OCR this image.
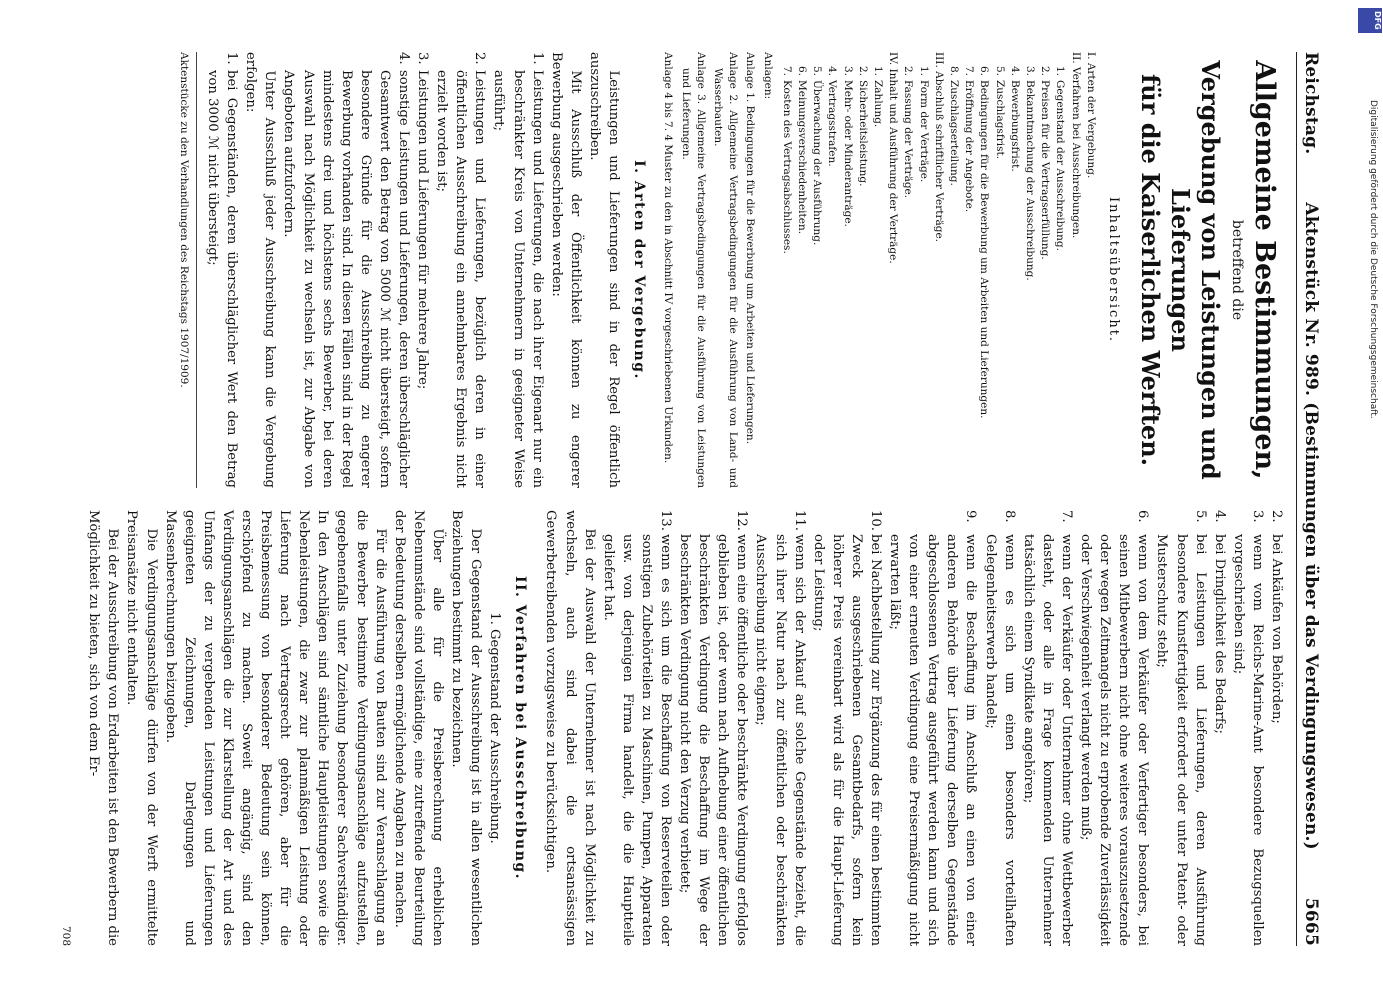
Reichstag.
Aktenstück Nr. 989. (Bestimmungen über das Verdingungswesen.)
5665
Allgemeine Bestimmungen,
betreffend die
Vergebung von Leistungen und Lieferungen
für die Kaiserlichen Werften.
Inhaltsübersicht.
I. Arten der Vergebung.
II. Verfahren bei Ausschreibungen.
1.Gegenstand der Ausschreibung.
2.Preisen für die Vertragserfüllung.
3.Bekanntmachung der Ausschreibung.
4.Bewerbungsfrist.
5.Zuschlagsfrist.
6.Bedingungen für die Bewerbung um Arbeiten und Lieferungen.
7.Eröffnung der Angebote.
8.Zuschlagserteilung.
III. Abschluß schriftlicher Verträge.
1.Form der Verträge.
2.Fassung der Verträge.
IV. Inhalt und Ausführung der Verträge.
1.Zahlung.
2.Sicherheitsleistung.
3.Mehr- oder Minderanträge.
4.Vertragsstrafen.
5.Überwachung der Ausführung.
6.Meinungsverschiedenheiten.
7.Kosten des Vertragsabschlusses.
Anlagen:
Anlage 1. Bedingungen für die Bewerbung um Arbeiten und Lieferungen.
Anlage 2. Allgemeine Vertragsbedingungen für die Ausführung von Land- und Wasserbauten.
Anlage 3. Allgemeine Vertragsbedingungen für die Ausführung von Leistungen und Lieferungen.
Anlage 4 bis 7. 4 Muster zu den in Abschnitt IV vorgeschriebenen Urkunden.
I. Arten der Vergebung.

Leistungen und Lieferungen sind in der Regel öffentlich auszuschreiben.

Mit Ausschluß der Öffentlichkeit können zu engerer Bewerbung ausgeschrieben werden:

1.Leistungen und Lieferungen, die nach ihrer Eigenart nur ein beschränkter Kreis von Unternehmern in geeigneter Weise ausführt;
2.Leistungen und Lieferungen, bezüglich deren in einer öffentlichen Ausschreibung ein annehmbares Ergebnis nicht erzielt worden ist;
3.Leistungen und Lieferungen für mehrere Jahre;
4.sonstige Leistungen und Lieferungen, deren überschläglicher Gesamtwert den Betrag von 5000 ℳ nicht übersteigt, sofern besondere Gründe für die Ausschreibung zu engerer Bewerbung vorhanden sind. In diesen Fällen sind in der Regel mindestens drei und höchstens sechs Bewerber, bei deren Auswahl nach Möglichkeit zu wechseln ist, zur Abgabe von Angeboten aufzufordern.

Unter Ausschluß jeder Ausschreibung kann die Vergebung erfolgen:

1.bei Gegenständen, deren überschläglicher Wert den Betrag von 3000 ℳ nicht übersteigt;
Aktenstücke zu den Verhandlungen des Reichstags 1907/1909.
2.bei Ankäufen von Behörden;
3.wenn vom Reichs-Marine-Amt besondere Bezugsquellen vorgeschrieben sind;
4.bei Dringlichkeit des Bedarfs;
5.bei Leistungen und Lieferungen, deren Ausführung besondere Kunstfertigkeit erfordert oder unter Patent- oder Musterschutz steht;
6.wenn von dem Verkäufer oder Verfertiger besonders, bei seinen Mitbewerbern nicht ohne weiteres vorauszusetzende oder wegen Zeitmangels nicht zu erprobende Zuverlässigkeit oder Verschwiegenheit verlangt werden muß;
7.wenn der Verkäufer oder Unternehmer ohne Wettbewerber dasteht, oder alle in Frage kommenden Unternehmer tatsächlich einem Syndikate angehören;
8.wenn es sich um einen besonders vorteilhaften Gelegenheitserwerb handelt;
9.wenn die Beschaffung im Anschluß an einen von einer anderen Behörde über Lieferung derselben Gegenstände abgeschlossenen Vertrag ausgeführt werden kann und sich von einer erneuten Verdingung eine Preisermäßigung nicht erwarten läßt;
10.bei Nachbestellung zur Ergänzung des für einen bestimmten Zweck ausgeschriebenen Gesamtbedarfs, sofern kein höherer Preis vereinbart wird als für die Haupt-Lieferung oder Leistung;
11.wenn sich der Ankauf auf solche Gegenstände bezieht, die sich ihrer Natur nach zur öffentlichen oder beschränkten Ausschreibung nicht eignen;
12.wenn eine öffentliche oder beschränkte Verdingung erfolglos geblieben ist, oder wenn nach Aufhebung einer öffentlichen beschränkten Verdingung die Beschaffung im Wege der beschränkten Verdingung nicht den Verzug verbietet;
13.wenn es sich um die Beschaffung von Reserveteilen oder sonstigen Zubehörteilen zu Maschinen, Pumpen, Apparaten usw. von derjenigen Firma handelt, die die Hauptteile geliefert hat.

Bei der Auswahl der Unternehmer ist nach Möglichkeit zu wechseln, auch sind dabei die ortsansässigen Gewerbetreibenden vorzugsweise zu berücksichtigen.

II. Verfahren bei Ausschreibung.
1. Gegenstand der Ausschreibung.

Der Gegenstand der Ausschreibung ist in allen wesentlichen Beziehungen bestimmt zu bezeichnen.

Über alle für die Preisberechnung erheblichen Nebenumstände sind vollständige, eine zutreffende Beurteilung der Bedeutung derselben ermöglichende Angaben zu machen.

Für die Ausführung von Bauten sind zur Veranschlagung an die Bewerber bestimmte Verdingungsanschläge aufzustellen, gegebenenfalls unter Zuziehung besonderer Sachverständiger. In den Anschlägen sind sämtliche Hauptleistungen sowie die Nebenleistungen, die zwar zur planmäßigen Leistung oder Lieferung nach Vertragsrecht gehören, aber für die Preisbemessung von besonderer Bedeutung sein können, erschöpfend zu machen. Soweit angängig, sind den Verdingungsanschlägen die zur Klarstellung der Art und des Umfangs der zu vergebenden Leistungen und Lieferungen geeigneten Zeichnungen, Darlegungen und Massenberechnungen beizugeben.

Die Verdingungsanschläge dürfen von der Werft ermittelte Preisansätze nicht enthalten.

Bei der Ausschreibung von Erdarbeiten ist den Bewerbern die Möglichkeit zu bieten, sich von dem Er-

708
DFG
Digitalisierung gefördert durch die Deutsche Forschungsgemeinschaft.
